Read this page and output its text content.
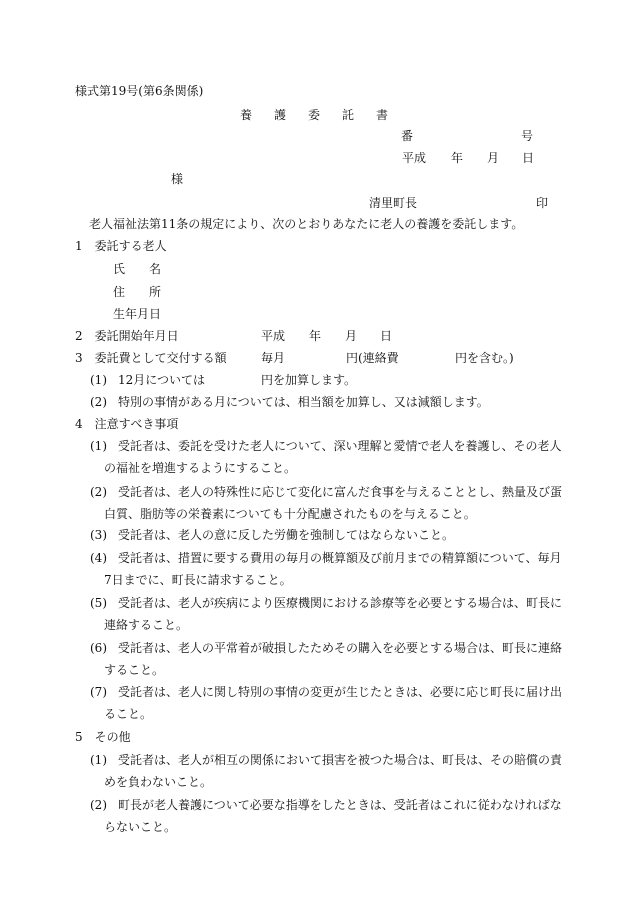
様式第19号(第6条関係)
養　護　委　託　書
番	号
平成 年 月 日
様
清里町長	印
老人福祉法第11条の規定により、次のとおりあなたに老人の養護を委託します。
1　委託する老人
氏　　名
住　　所
生年月日
2　委託開始年月日	平成 年 月 日
3　委託費として交付する額	毎月	円(連絡費	円を含む。)
(1) 12月については	円を加算します。
(2) 特別の事情がある月については、相当額を加算し、又は減額します。
4　注意すべき事項
(1) 受託者は、委託を受けた老人について、深い理解と愛情で老人を養護し、その老人
の福祉を増進するようにすること。
(2) 受託者は、老人の特殊性に応じて変化に富んだ食事を与えることとし、熱量及び蛋
白質、脂肪等の栄養素についても十分配慮されたものを与えること。
(3) 受託者は、老人の意に反した労働を強制してはならないこと。
(4) 受託者は、措置に要する費用の毎月の概算額及び前月までの精算額について、毎月
7日までに、町長に請求すること。
(5) 受託者は、老人が疾病により医療機関における診療等を必要とする場合は、町長に
連絡すること。
(6) 受託者は、老人の平常着が破損したためその購入を必要とする場合は、町長に連絡
すること。
(7) 受託者は、老人に関し特別の事情の変更が生じたときは、必要に応じ町長に届け出
ること。
5　その他
(1) 受託者は、老人が相互の関係において損害を被つた場合は、町長は、その賠償の責
めを負わないこと。
(2) 町長が老人養護について必要な指導をしたときは、受託者はこれに従わなければな
らないこと。
